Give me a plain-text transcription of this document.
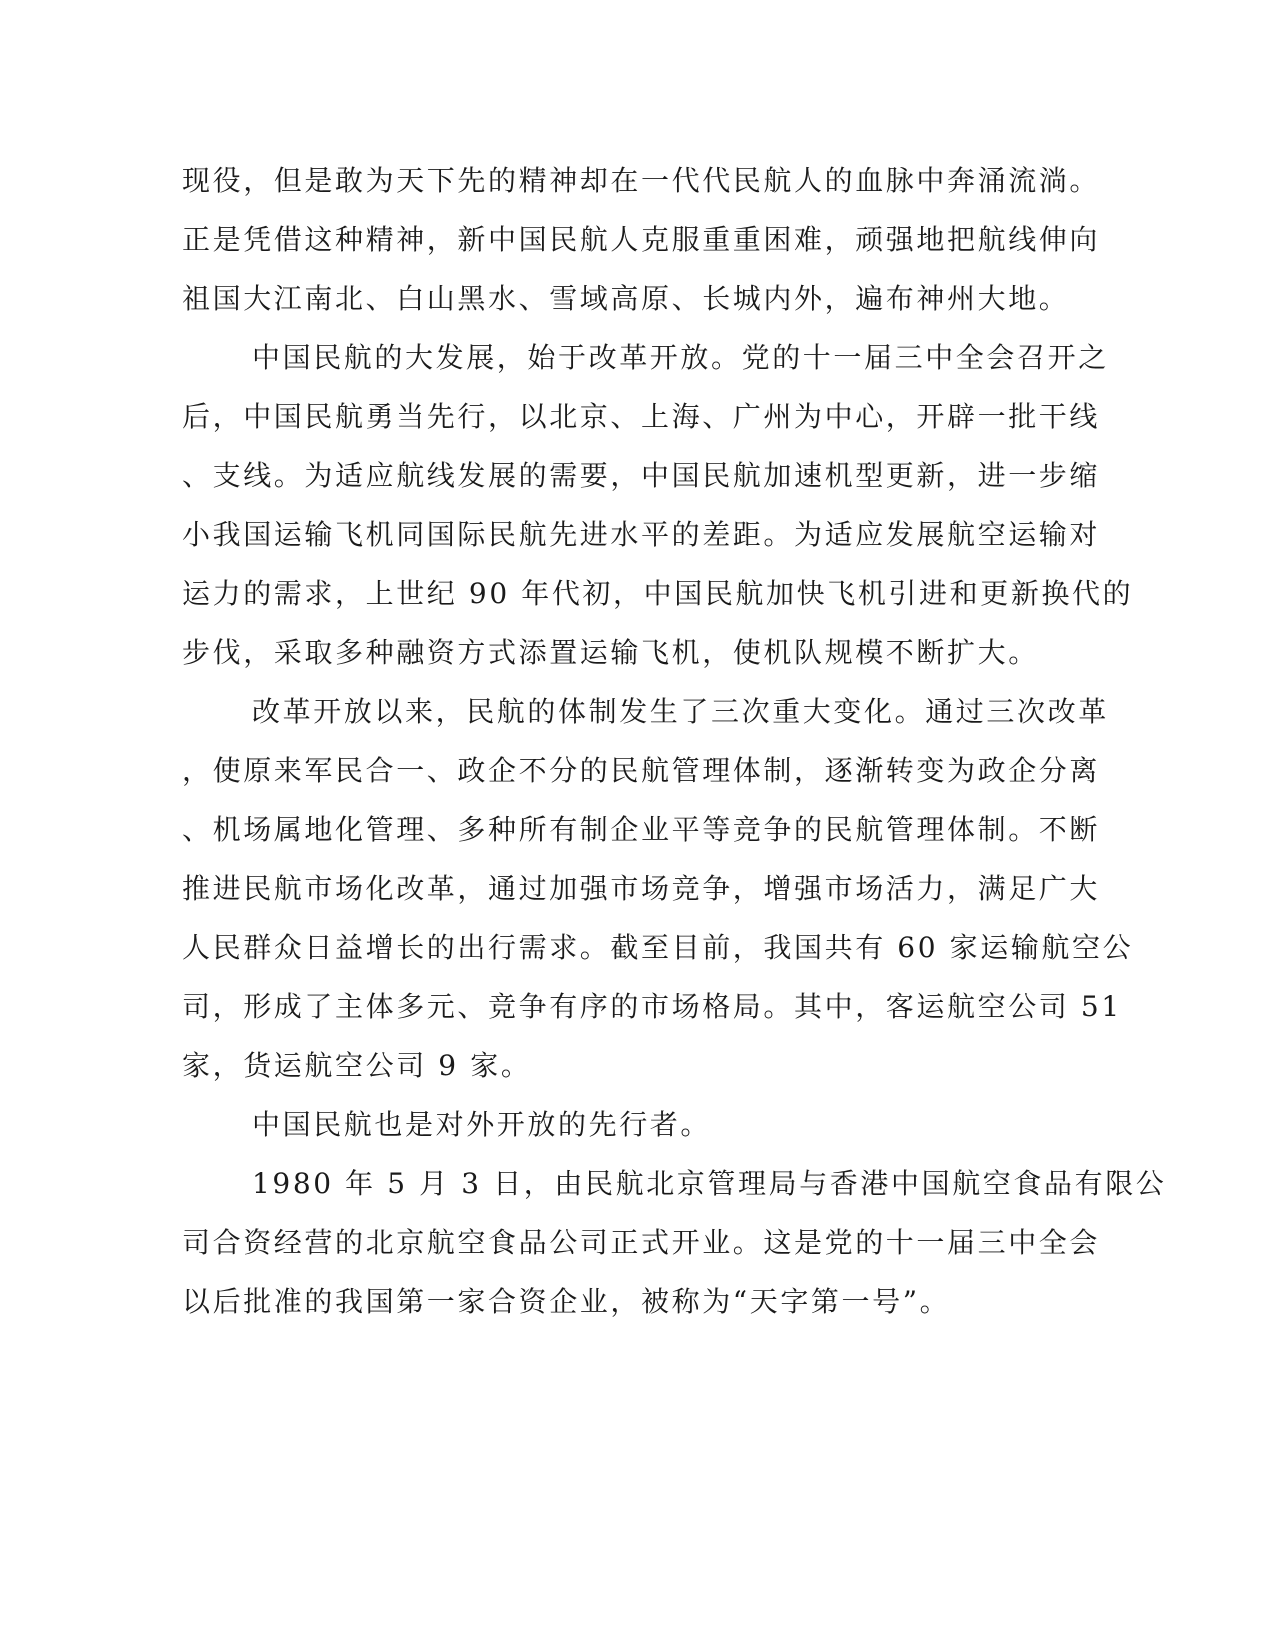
现役，但是敢为天下先的精神却在一代代民航人的血脉中奔涌流淌。
正是凭借这种精神，新中国民航人克服重重困难，顽强地把航线伸向
祖国大江南北、白山黑水、雪域高原、长城内外，遍布神州大地。
中国民航的大发展，始于改革开放。党的十一届三中全会召开之
后，中国民航勇当先行，以北京、上海、广州为中心，开辟一批干线
、支线。为适应航线发展的需要，中国民航加速机型更新，进一步缩
小我国运输飞机同国际民航先进水平的差距。为适应发展航空运输对
运力的需求，上世纪 90 年代初，中国民航加快飞机引进和更新换代的
步伐，采取多种融资方式添置运输飞机，使机队规模不断扩大。
改革开放以来，民航的体制发生了三次重大变化。通过三次改革
，使原来军民合一、政企不分的民航管理体制，逐渐转变为政企分离
、机场属地化管理、多种所有制企业平等竞争的民航管理体制。不断
推进民航市场化改革，通过加强市场竞争，增强市场活力，满足广大
人民群众日益增长的出行需求。截至目前，我国共有 60 家运输航空公
司，形成了主体多元、竞争有序的市场格局。其中，客运航空公司 51
家，货运航空公司 9 家。
中国民航也是对外开放的先行者。
1980 年 5 月 3 日，由民航北京管理局与香港中国航空食品有限公
司合资经营的北京航空食品公司正式开业。这是党的十一届三中全会
以后批准的我国第一家合资企业，被称为“天字第一号”。
